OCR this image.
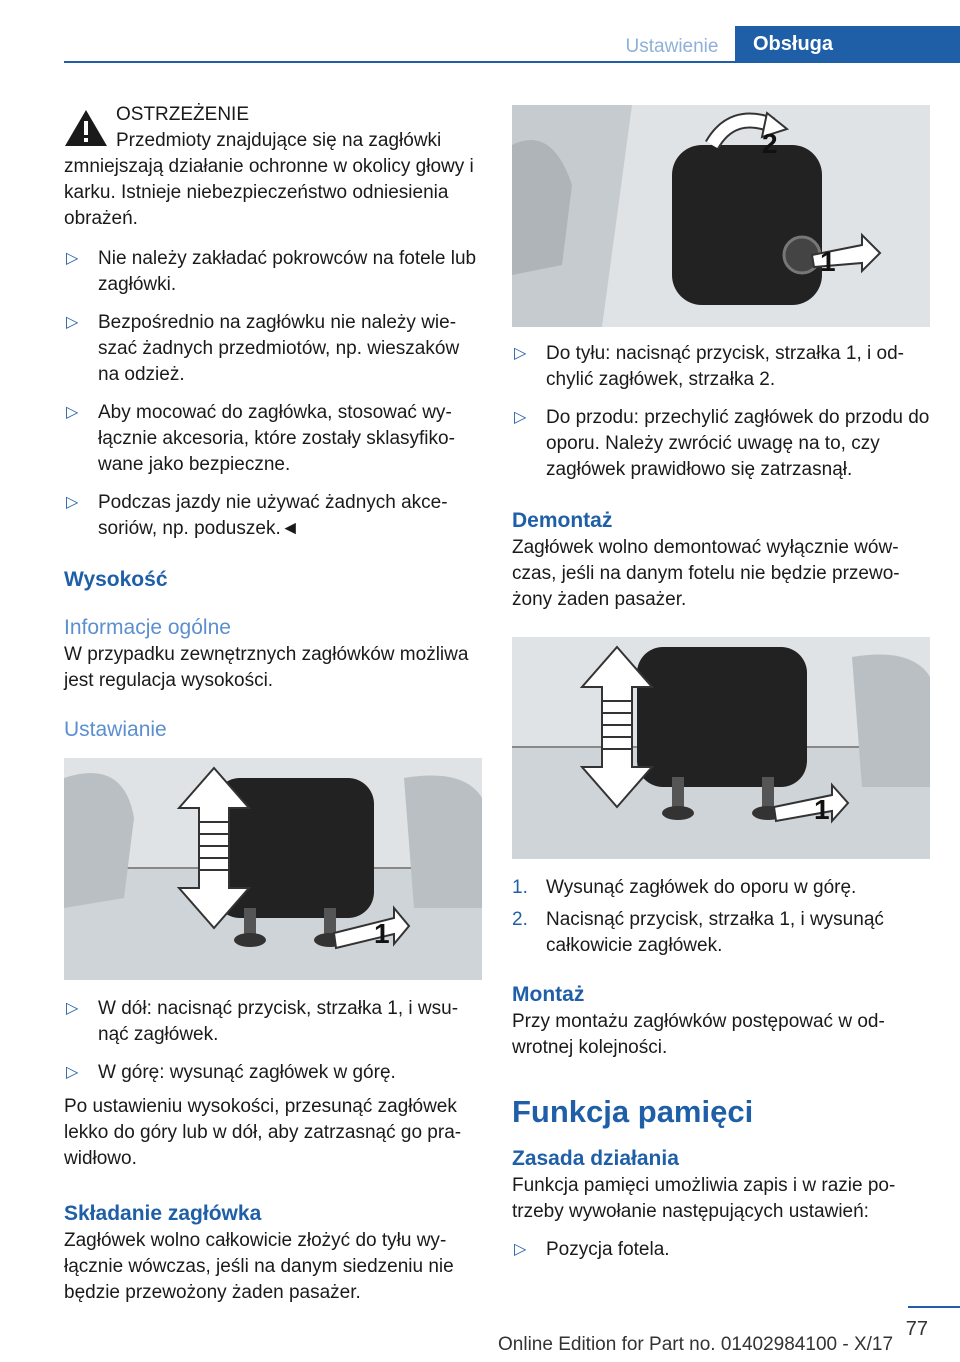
Ustawienie	Obsługa
OSTRZEŻENIE

Przedmioty znajdujące się na zagłówki

zmniejszają działanie ochronne w okolicy głowy i karku. Istnieje niebezpieczeństwo odniesienia obrażeń.

▷ Nie należy zakładać pokrowców na fotele lub zagłówki.
▷ Bezpośrednio na zagłówku nie należy wieszać żadnych przedmiotów, np. wieszaków na odzież.
▷ Aby mocować do zagłówka, stosować wyłącznie akcesoria, które zostały sklasyfikowane jako bezpieczne.
▷ Podczas jazdy nie używać żadnych akcesoriów, np. poduszek.◄
Wysokość
Informacje ogólne

W przypadku zewnętrznych zagłówków możliwa jest regulacja wysokości.

Ustawianie
1
▷ W dół: nacisnąć przycisk, strzałka 1, i wsunąć zagłówek.
▷ W górę: wysunąć zagłówek w górę.

Po ustawieniu wysokości, przesunąć zagłówek lekko do góry lub w dół, aby zatrzasnąć go prawidłowo.

Składanie zagłówka

Zagłówek wolno całkowicie złożyć do tyłu wyłącznie wówczas, jeśli na danym siedzeniu nie będzie przewożony żaden pasażer.

2
1
▷ Do tyłu: nacisnąć przycisk, strzałka 1, i odchylić zagłówek, strzałka 2.
▷ Do przodu: przechylić zagłówek do przodu do oporu. Należy zwrócić uwagę na to, czy zagłówek prawidłowo się zatrzasnął.
Demontaż

Zagłówek wolno demontować wyłącznie wówczas, jeśli na danym fotelu nie będzie przewożony żaden pasażer.

1
1. Wysunąć zagłówek do oporu w górę.
2. Nacisnąć przycisk, strzałka 1, i wysunąć całkowicie zagłówek.
Montaż

Przy montażu zagłówków postępować w odwrotnej kolejności.

Funkcja pamięci
Zasada działania

Funkcja pamięci umożliwia zapis i w razie potrzeby wywołanie następujących ustawień:

▷ Pozycja fotela.
77
Online Edition for Part no. 01402984100 - X/17
